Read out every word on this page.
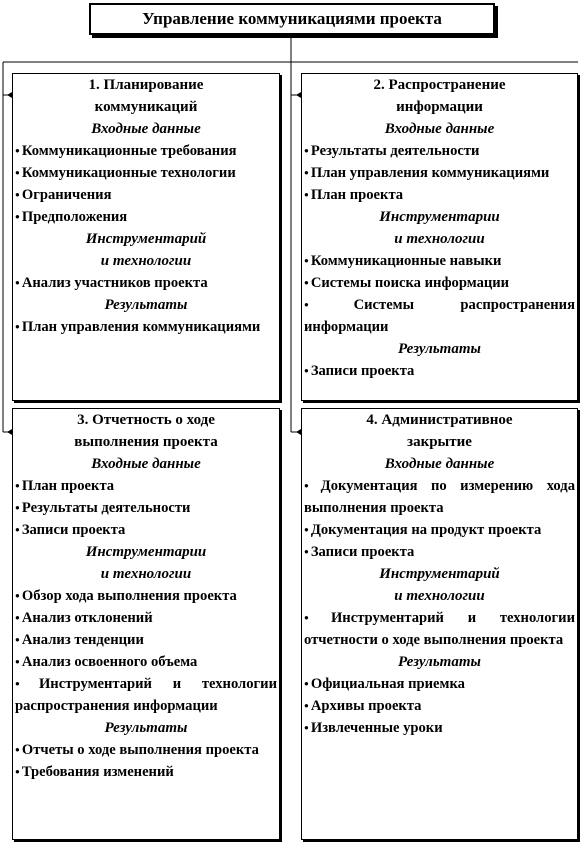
Управление коммуникациями проекта
1. Планирование
коммуникаций
Входные данные
● Коммуникационные требования
● Коммуникационные технологии
● Ограничения
● Предположения
Инструментарий
и технологии
● Анализ участников проекта
Результаты
● План управления коммуникациями
2. Распространение
информации
Входные данные
● Результаты деятельности
● План управления коммуникациями
● План проекта
Инструментарии
и технологии
● Коммуникационные навыки
● Системы поиска информации
● Системы распространения информации
Результаты
● Записи проекта
3. Отчетность о ходе
выполнения проекта
Входные данные
● План проекта
● Результаты деятельности
● Записи проекта
Инструментарии
и технологии
● Обзор хода выполнения проекта
● Анализ отклонений
● Анализ тенденции
● Анализ освоенного объема
● Инструментарий и технологии распространения информации
Результаты
● Отчеты о ходе выполнения проекта
● Требования изменений
4. Административное
закрытие
Входные данные
● Документация по измерению хода выполнения проекта
● Документация на продукт проекта
● Записи проекта
Инструментарий
и технологии
● Инструментарий и технологии отчетности о ходе выполнения проекта
Результаты
● Официальная приемка
● Архивы проекта
● Извлеченные уроки
